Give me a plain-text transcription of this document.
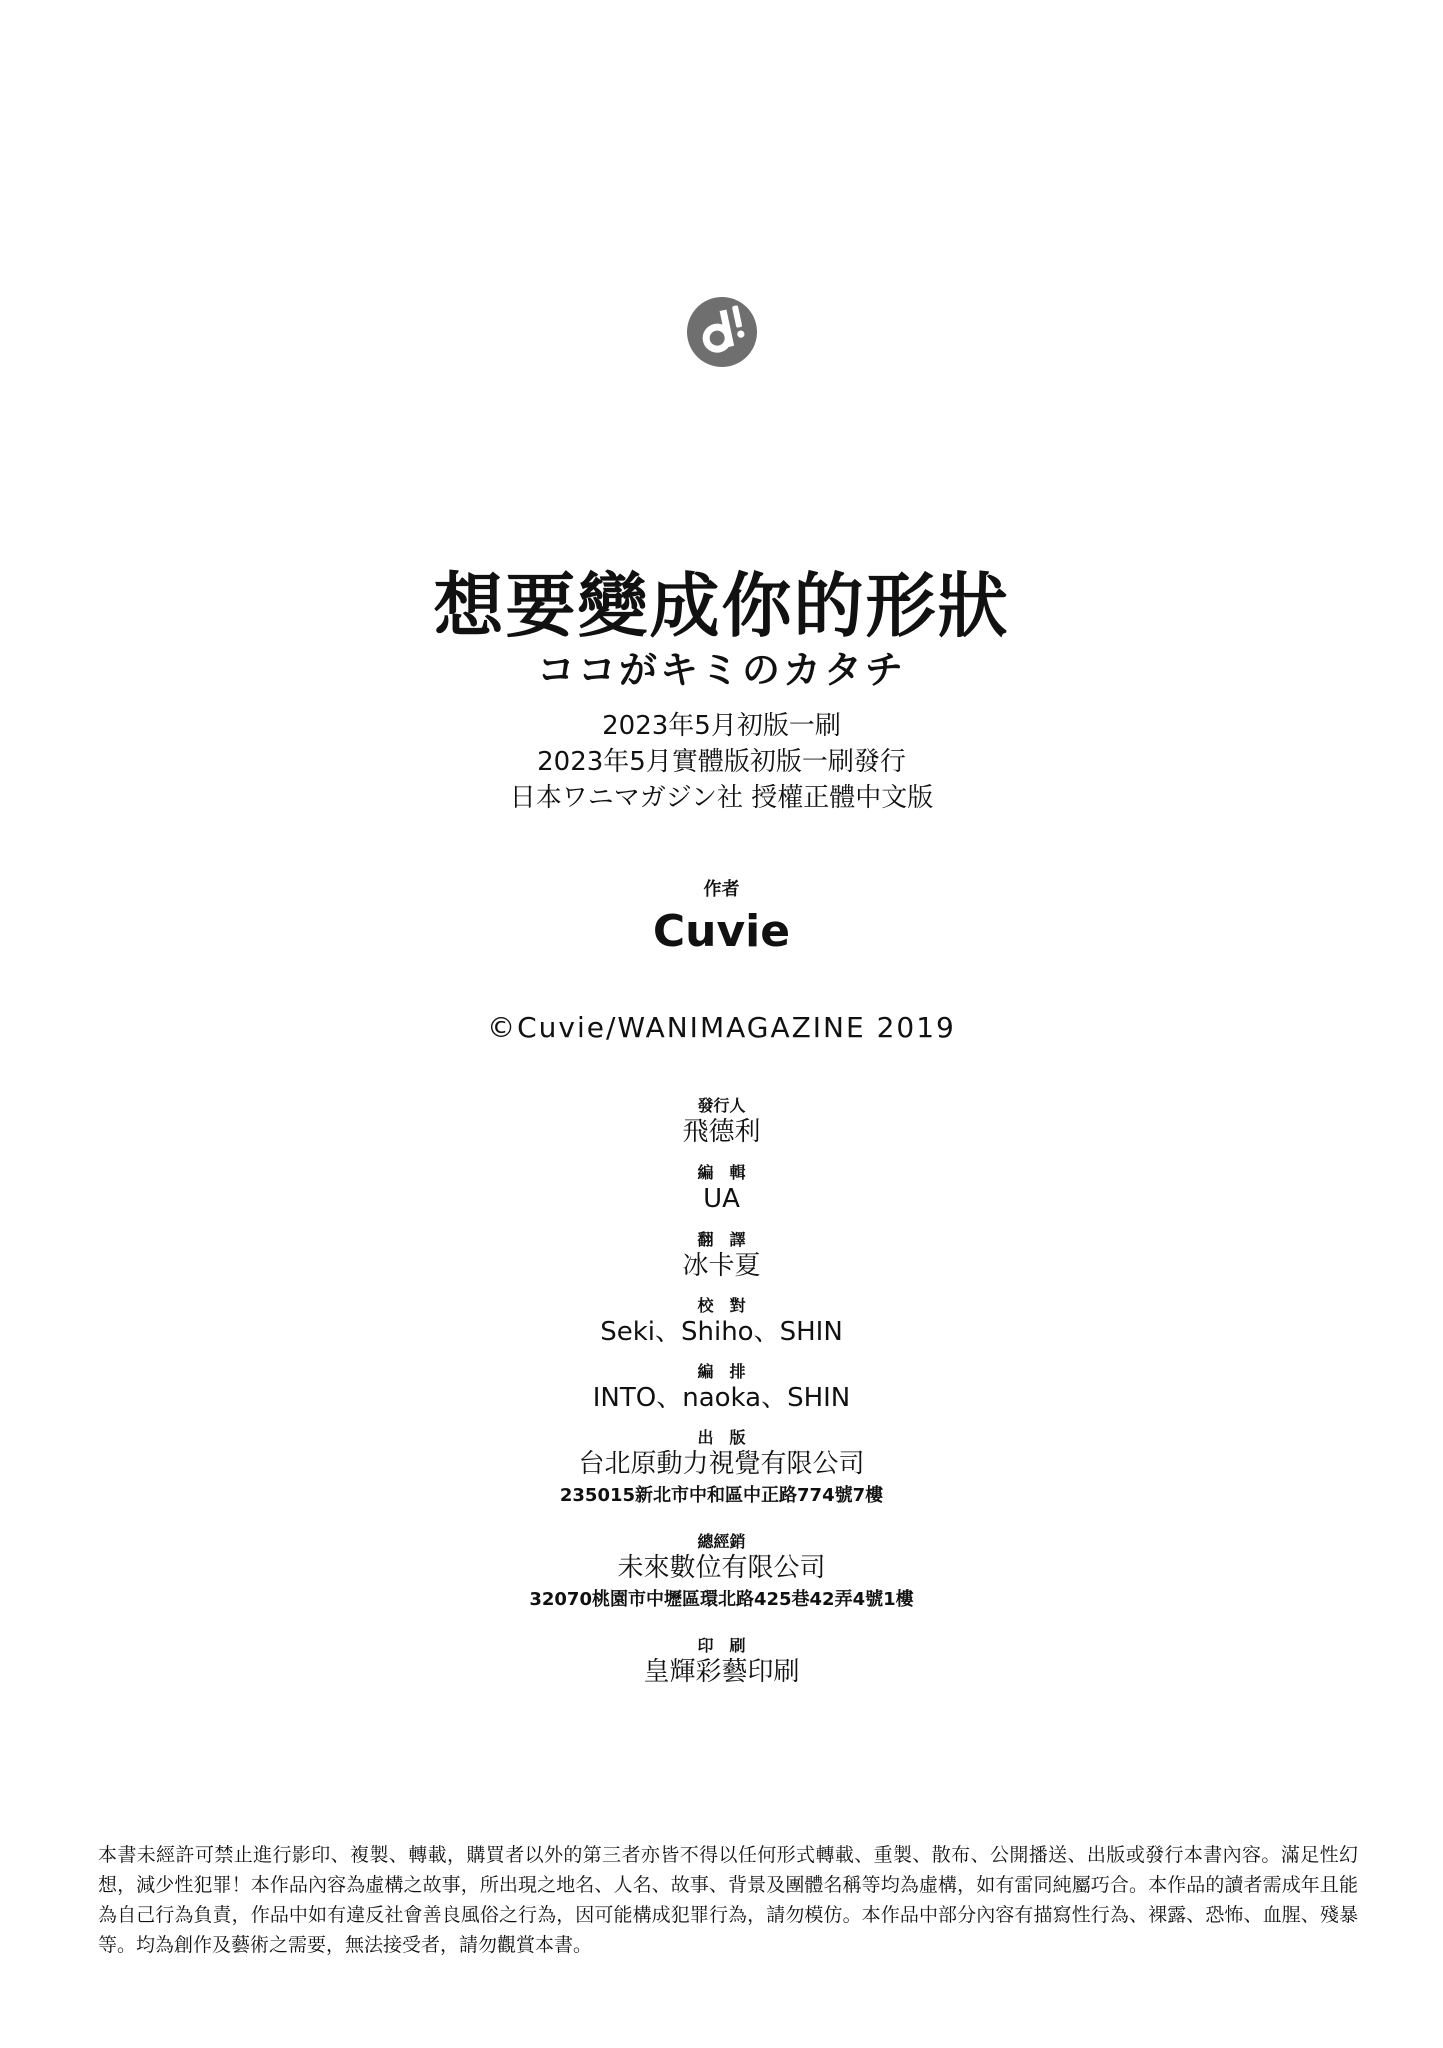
想要變成你的形狀
ココがキミのカタチ
2023年5月初版一刷
2023年5月實體版初版一刷發行
日本ワニマガジン社 授權正體中文版
作者
Cuvie
©Cuvie/WANIMAGAZINE 2019
發行人
飛德利
編　輯
UA
翻　譯
冰卡夏
校　對
Seki、Shiho、SHIN
編　排
INTO、naoka、SHIN
出　版
台北原動力視覺有限公司
235015新北市中和區中正路774號7樓
總經銷
未來數位有限公司
32070桃園市中壢區環北路425巷42弄4號1樓
印　刷
皇輝彩藝印刷

本書未經許可禁止進行影印、複製、轉載，購買者以外的第三者亦皆不得以任何形式轉載、重製、散布、公開播送、出版或發行本書內容。滿足性幻想，減少性犯罪！本作品內容為虛構之故事，所出現之地名、人名、故事、背景及團體名稱等均為虛構，如有雷同純屬巧合。本作品的讀者需成年且能為自己行為負責，作品中如有違反社會善良風俗之行為，因可能構成犯罪行為，請勿模仿。本作品中部分內容有描寫性行為、裸露、恐怖、血腥、殘暴等。均為創作及藝術之需要，無法接受者，請勿觀賞本書。
